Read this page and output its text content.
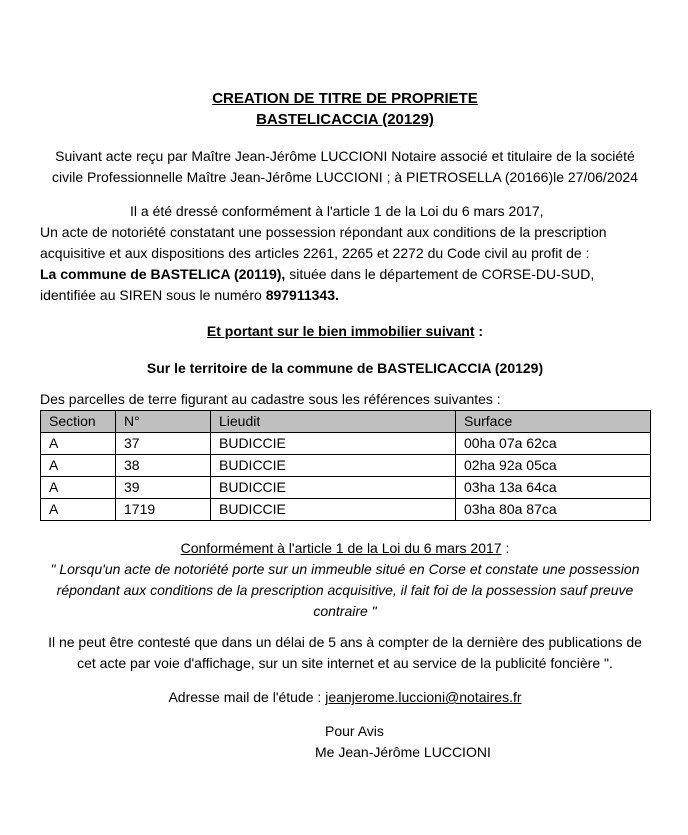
CREATION DE TITRE DE PROPRIETE
BASTELICACCIA (20129)

Suivant acte reçu par Maître Jean-Jérôme LUCCIONI Notaire associé et titulaire de la société civile Professionnelle Maître Jean-Jérôme LUCCIONI ; à PIETROSELLA (20166)le 27/06/2024

Il a été dressé conformément à l'article 1 de la Loi du 6 mars 2017,
Un acte de notoriété constatant une possession répondant aux conditions de la prescription acquisitive et aux dispositions des articles 2261, 2265 et 2272 du Code civil au profit de :

La commune de BASTELICA (20119), située dans le département de CORSE-DU-SUD, identifiée au SIREN sous le numéro 897911343.

Et portant sur le bien immobilier suivant :

Sur le territoire de la commune de BASTELICACCIA (20129)

Des parcelles de terre figurant au cadastre sous les références suivantes :

Section	N°	Lieudit	Surface
A	37	BUDICCIE	00ha 07a 62ca
A	38	BUDICCIE	02ha 92a 05ca
A	39	BUDICCIE	03ha 13a 64ca
A	1719	BUDICCIE	03ha 80a 87ca

Conformément à l'article 1 de la Loi du 6 mars 2017 :

" Lorsqu'un acte de notoriété porte sur un immeuble situé en Corse et constate une possession répondant aux conditions de la prescription acquisitive, il fait foi de la possession sauf preuve contraire "

Il ne peut être contesté que dans un délai de 5 ans à compter de la dernière des publications de cet acte par voie d'affichage, sur un site internet et au service de la publicité foncière ".

Adresse mail de l'étude : jeanjerome.luccioni@notaires.fr

Pour Avis
Me Jean-Jérôme LUCCIONI
